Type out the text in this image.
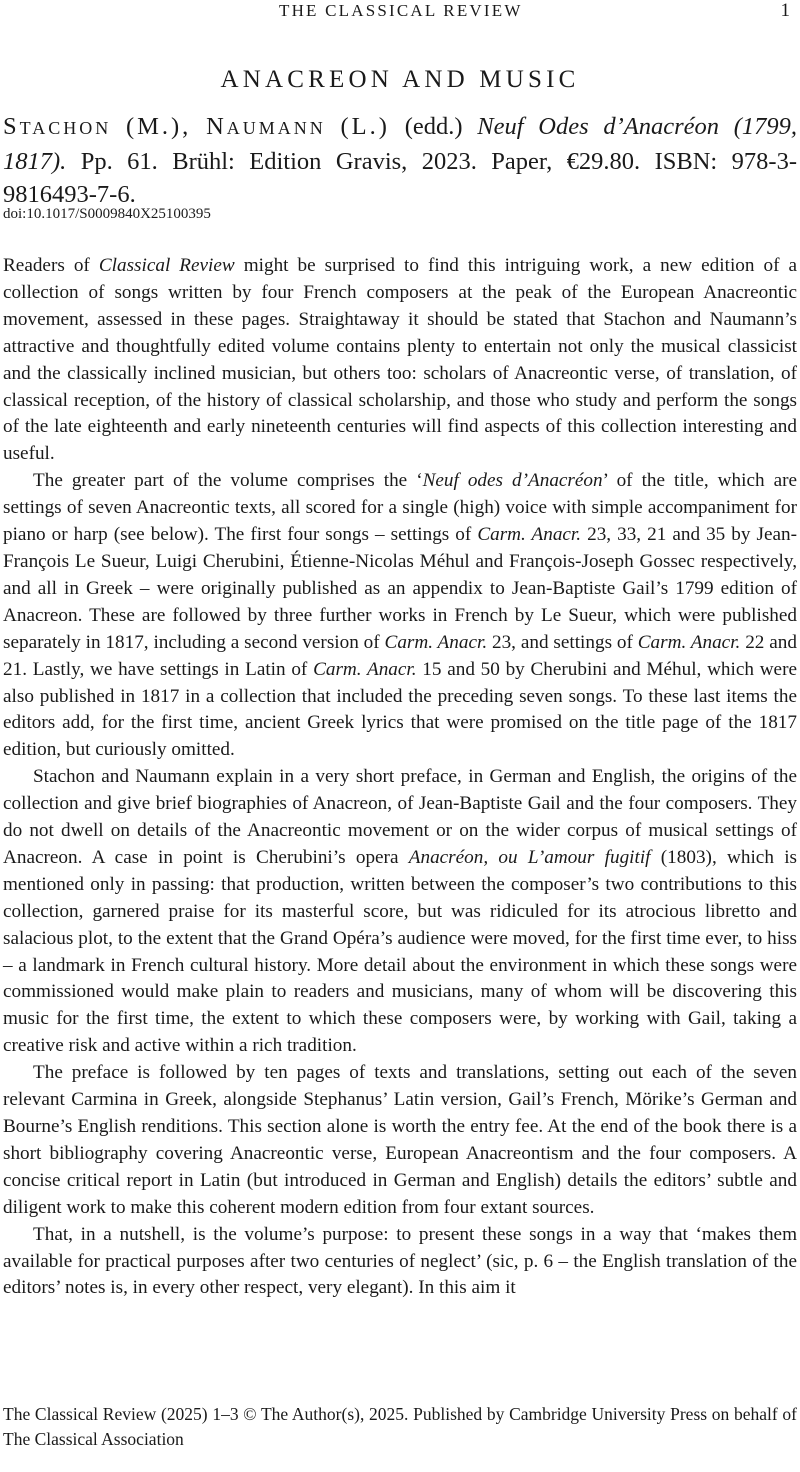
THE CLASSICAL REVIEW	1
ANACREON AND MUSIC
STACHON (M.), NAUMANN (L.) (edd.) Neuf Odes d’Anacréon (1799, 1817). Pp. 61. Brühl: Edition Gravis, 2023. Paper, €29.80. ISBN: 978-3-9816493-7-6.
doi:10.1017/S0009840X25100395

Readers of Classical Review might be surprised to find this intriguing work, a new edition of a collection of songs written by four French composers at the peak of the European Anacreontic movement, assessed in these pages. Straightaway it should be stated that Stachon and Naumann’s attractive and thoughtfully edited volume contains plenty to entertain not only the musical classicist and the classically inclined musician, but others too: scholars of Anacreontic verse, of translation, of classical reception, of the history of classical scholarship, and those who study and perform the songs of the late eighteenth and early nineteenth centuries will find aspects of this collection interesting and useful.

The greater part of the volume comprises the ‘Neuf odes d’Anacréon’ of the title, which are settings of seven Anacreontic texts, all scored for a single (high) voice with simple accompaniment for piano or harp (see below). The first four songs – settings of Carm. Anacr. 23, 33, 21 and 35 by Jean-François Le Sueur, Luigi Cherubini, Étienne-Nicolas Méhul and François-Joseph Gossec respectively, and all in Greek – were originally published as an appendix to Jean-Baptiste Gail’s 1799 edition of Anacreon. These are followed by three further works in French by Le Sueur, which were published separately in 1817, including a second version of Carm. Anacr. 23, and settings of Carm. Anacr. 22 and 21. Lastly, we have settings in Latin of Carm. Anacr. 15 and 50 by Cherubini and Méhul, which were also published in 1817 in a collection that included the preceding seven songs. To these last items the editors add, for the first time, ancient Greek lyrics that were promised on the title page of the 1817 edition, but curiously omitted.

Stachon and Naumann explain in a very short preface, in German and English, the origins of the collection and give brief biographies of Anacreon, of Jean-Baptiste Gail and the four composers. They do not dwell on details of the Anacreontic movement or on the wider corpus of musical settings of Anacreon. A case in point is Cherubini’s opera Anacréon, ou L’amour fugitif (1803), which is mentioned only in passing: that production, written between the composer’s two contributions to this collection, garnered praise for its masterful score, but was ridiculed for its atrocious libretto and salacious plot, to the extent that the Grand Opéra’s audience were moved, for the first time ever, to hiss – a landmark in French cultural history. More detail about the environment in which these songs were commissioned would make plain to readers and musicians, many of whom will be discovering this music for the first time, the extent to which these composers were, by working with Gail, taking a creative risk and active within a rich tradition.

The preface is followed by ten pages of texts and translations, setting out each of the seven relevant Carmina in Greek, alongside Stephanus’ Latin version, Gail’s French, Mörike’s German and Bourne’s English renditions. This section alone is worth the entry fee. At the end of the book there is a short bibliography covering Anacreontic verse, European Anacreontism and the four composers. A concise critical report in Latin (but introduced in German and English) details the editors’ subtle and diligent work to make this coherent modern edition from four extant sources.

That, in a nutshell, is the volume’s purpose: to present these songs in a way that ‘makes them available for practical purposes after two centuries of neglect’ (sic, p. 6 – the English translation of the editors’ notes is, in every other respect, very elegant). In this aim it

The Classical Review (2025) 1–3 © The Author(s), 2025. Published by Cambridge University Press on behalf of The Classical Association
